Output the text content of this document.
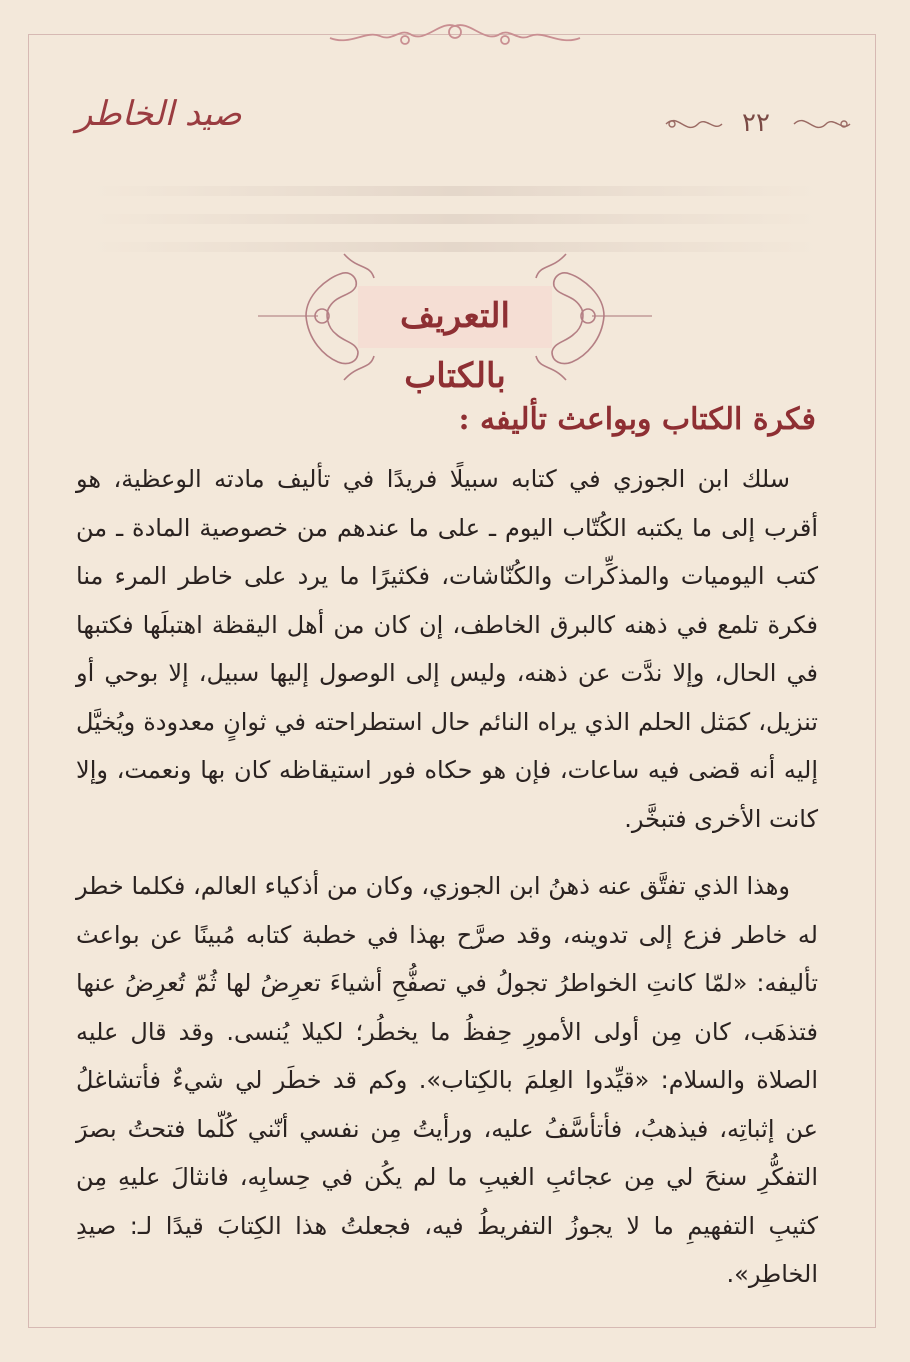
صيد الخاطر	٢٢
التعريف بالكتاب
فكرة الكتاب وبواعث تأليفه :

سلك ابن الجوزي في كتابه سبيلًا فريدًا في تأليف مادته الوعظية، هو أقرب إلى ما يكتبه الكُتّاب اليوم ـ على ما عندهم من خصوصية المادة ـ من كتب اليوميات والمذكِّرات والكُنّاشات، فكثيرًا ما يرد على خاطر المرء منا فكرة تلمع في ذهنه كالبرق الخاطف، إن كان من أهل اليقظة اهتبلَها فكتبها في الحال، وإلا ندَّت عن ذهنه، وليس إلى الوصول إليها سبيل، إلا بوحي أو تنزيل، كمَثل الحلم الذي يراه النائم حال استطراحته في ثوانٍ معدودة ويُخيَّل إليه أنه قضى فيه ساعات، فإن هو حكاه فور استيقاظه كان بها ونعمت، وإلا كانت الأخرى فتبخَّر.

وهذا الذي تفتَّق عنه ذهنُ ابن الجوزي، وكان من أذكياء العالم، فكلما خطر له خاطر فزع إلى تدوينه، وقد صرَّح بهذا في خطبة كتابه مُبينًا عن بواعث تأليفه: «لمّا كانتِ الخواطرُ تجولُ في تصفُّحِ أشياءَ تعرِضُ لها ثُمّ تُعرِضُ عنها فتذهَب، كان مِن أولى الأمورِ حِفظُ ما يخطُر؛ لكيلا يُنسى. وقد قال عليه الصلاة والسلام: «قيِّدوا العِلمَ بالكِتاب». وكم قد خطَر لي شيءٌ فأتشاغلُ عن إثباتِه، فيذهبُ، فأتأسَّفُ عليه، ورأيتُ مِن نفسي أنّني كُلّما فتحتُ بصرَ التفكُّرِ سنحَ لي مِن عجائبِ الغيبِ ما لم يكُن في حِسابِه، فانثالَ عليهِ مِن كثيبِ التفهيمِ ما لا يجوزُ التفريطُ فيه، فجعلتُ هذا الكِتابَ قيدًا لـ: صيدِ الخاطِر».
